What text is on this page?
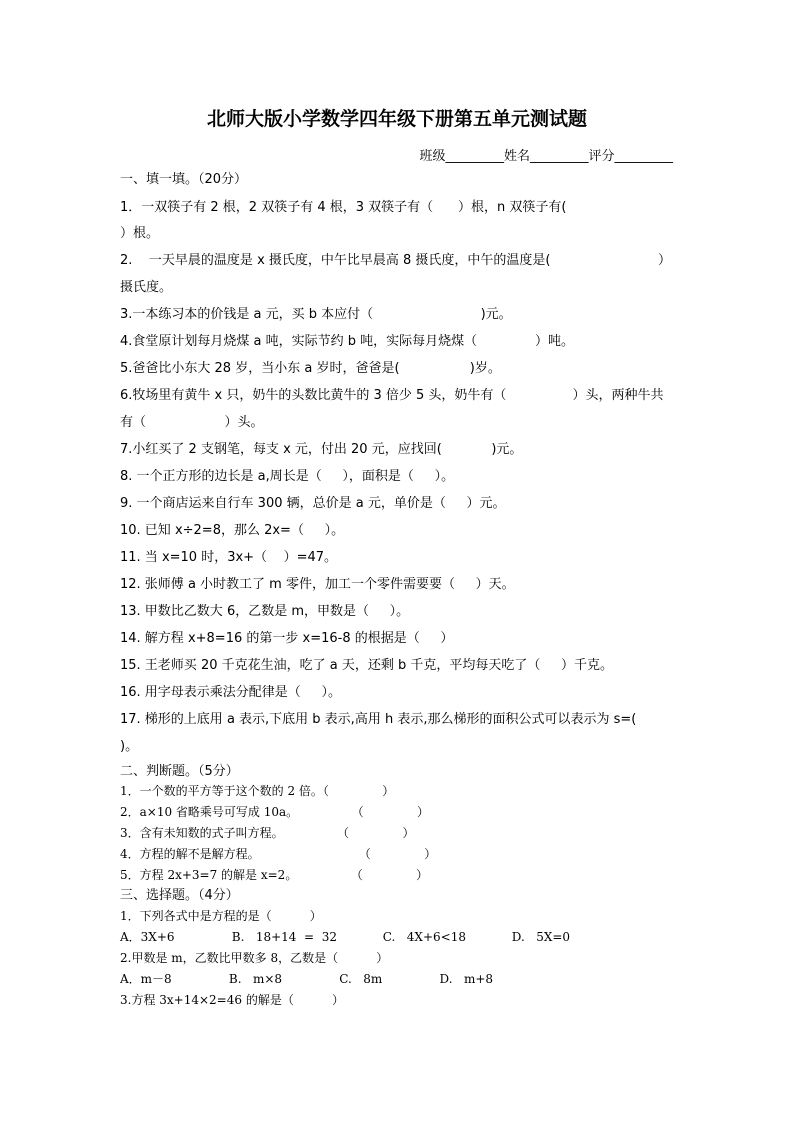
北师大版小学数学四年级下册第五单元测试题
班级_________姓名_________评分_________
一、填一填。（20分）
1．一双筷子有 2 根，2 双筷子有 4 根，3 双筷子有（      ）根，n 双筷子有(
）根。
2.    一天早晨的温度是 x 摄氏度，中午比早晨高 8 摄氏度，中午的温度是(                          ）
摄氏度。
3.一本练习本的价钱是 a 元，买 b 本应付（                          )元。
4.食堂原计划每月烧煤 a 吨，实际节约 b 吨，实际每月烧煤（              ）吨。
5.爸爸比小东大 28 岁，当小东 a 岁时，爸爸是(                 )岁。
6.牧场里有黄牛 x 只，奶牛的头数比黄牛的 3 倍少 5 头，奶牛有（                ）头，两种牛共
有（                   ）头。
7.小红买了 2 支钢笔，每支 x 元，付出 20 元，应找回(            )元。
8. 一个正方形的边长是 a,周长是（     ），面积是（     ）。
9. 一个商店运来自行车 300 辆，总价是 a 元，单价是（     ）元。
10. 已知 x÷2=8，那么 2x=（     ）。
11. 当 x=10 时，3x+（    ）=47。
12. 张师傅 a 小时教工了 m 零件，加工一个零件需要要（     ）天。
13. 甲数比乙数大 6，乙数是 m，甲数是（     ）。
14. 解方程 x+8=16 的第一步 x=16-8 的根据是（     ）
15. 王老师买 20 千克花生油，吃了 a 天，还剩 b 千克，平均每天吃了（     ）千克。
16. 用字母表示乘法分配律是（     ）。
17. 梯形的上底用 a 表示,下底用 b 表示,高用 h 表示,那么梯形的面积公式可以表示为 s=(
)。
二、判断题。（5分）
1．一个数的平方等于这个数的 2 倍。（              ）
2．a×10 省略乘号可写成 10a。              （              ）
3．含有未知数的式子叫方程。              （              ）
4．方程的解不是解方程。                          （              ）
5．方程 2x+3=7 的解是 x=2。              （              ）
三、选择题。（4分）
1．下列各式中是方程的是（          ）
A．3X+6               B.   18+14  =  32            C.   4X+6<18            D.   5X=0
2.甲数是 m，乙数比甲数多 8，乙数是（          ）
A．m－8               B.   m×8               C.   8m               D.   m+8
3.方程 3x+14×2=46 的解是（          ）
